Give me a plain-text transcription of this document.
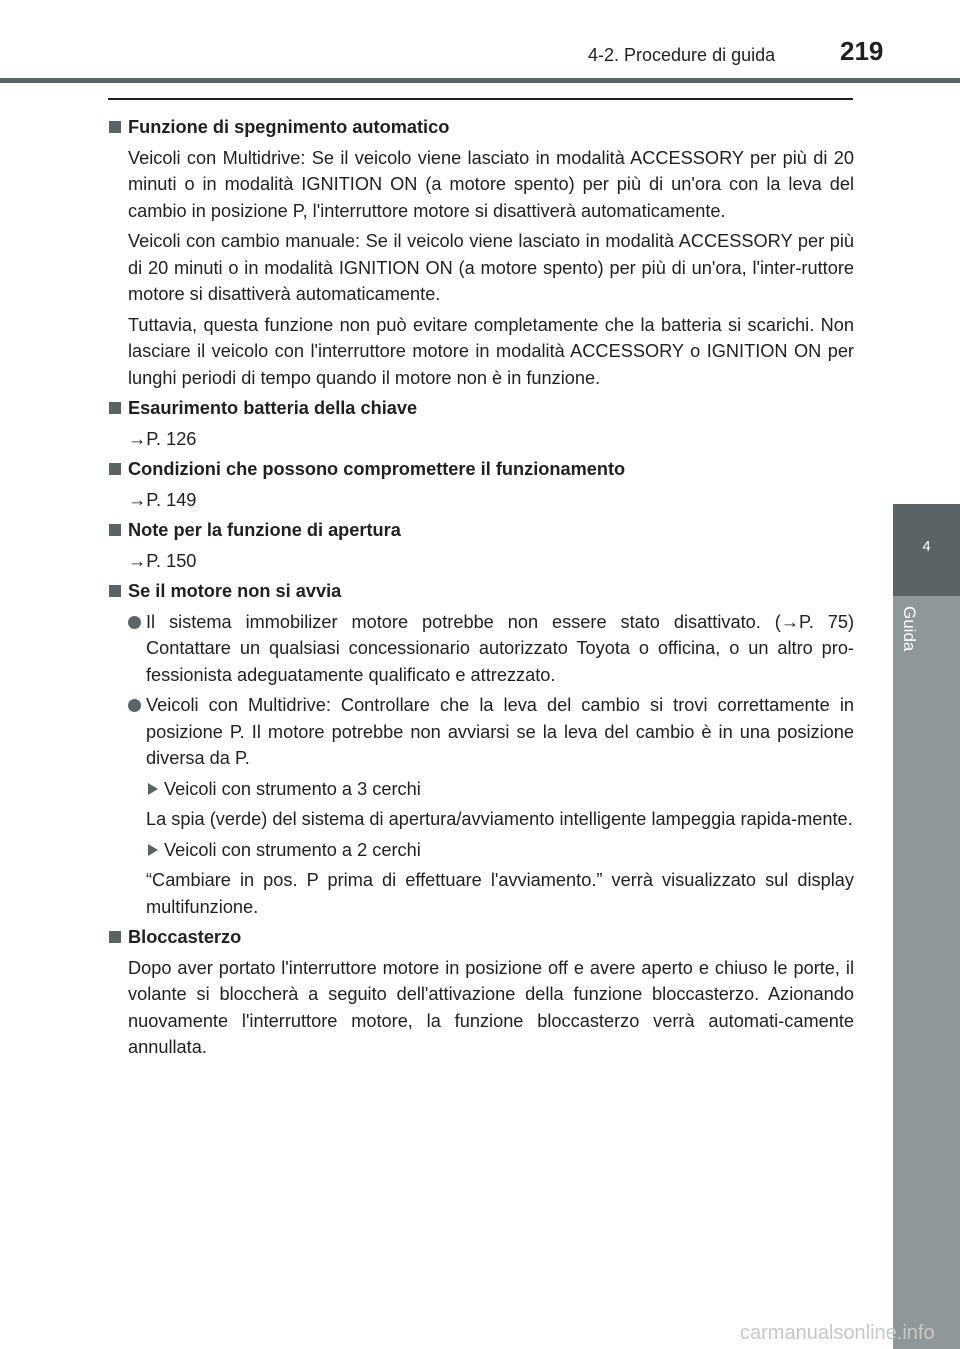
4-2. Procedure di guida 219
4
Guida

Funzione di spegnimento automatico

Veicoli con Multidrive: Se il veicolo viene lasciato in modalità ACCESSORY per più di 20 minuti o in modalità IGNITION ON (a motore spento) per più di un'ora con la leva del cambio in posizione P, l'interruttore motore si disattiverà automaticamente.

Veicoli con cambio manuale: Se il veicolo viene lasciato in modalità ACCESSORY per più di 20 minuti o in modalità IGNITION ON (a motore spento) per più di un'ora, l'inter-ruttore motore si disattiverà automaticamente.

Tuttavia, questa funzione non può evitare completamente che la batteria si scarichi. Non lasciare il veicolo con l'interruttore motore in modalità ACCESSORY o IGNITION ON per lunghi periodi di tempo quando il motore non è in funzione.

Esaurimento batteria della chiave

→P. 126

Condizioni che possono compromettere il funzionamento

→P. 149

Note per la funzione di apertura

→P. 150

Se il motore non si avvia

Il sistema immobilizer motore potrebbe non essere stato disattivato. (→P. 75) Contattare un qualsiasi concessionario autorizzato Toyota o officina, o un altro pro-fessionista adeguatamente qualificato e attrezzato.
Veicoli con Multidrive: Controllare che la leva del cambio si trovi correttamente in posizione P. Il motore potrebbe non avviarsi se la leva del cambio è in una posizione diversa da P.
Veicoli con strumento a 3 cerchi

La spia (verde) del sistema di apertura/avviamento intelligente lampeggia rapida-mente.

Veicoli con strumento a 2 cerchi

“Cambiare in pos. P prima di effettuare l'avviamento.” verrà visualizzato sul display multifunzione.

Bloccasterzo

Dopo aver portato l'interruttore motore in posizione off e avere aperto e chiuso le porte, il volante si bloccherà a seguito dell'attivazione della funzione bloccasterzo. Azionando nuovamente l'interruttore motore, la funzione bloccasterzo verrà automati-camente annullata.

carmanualsonline.info
